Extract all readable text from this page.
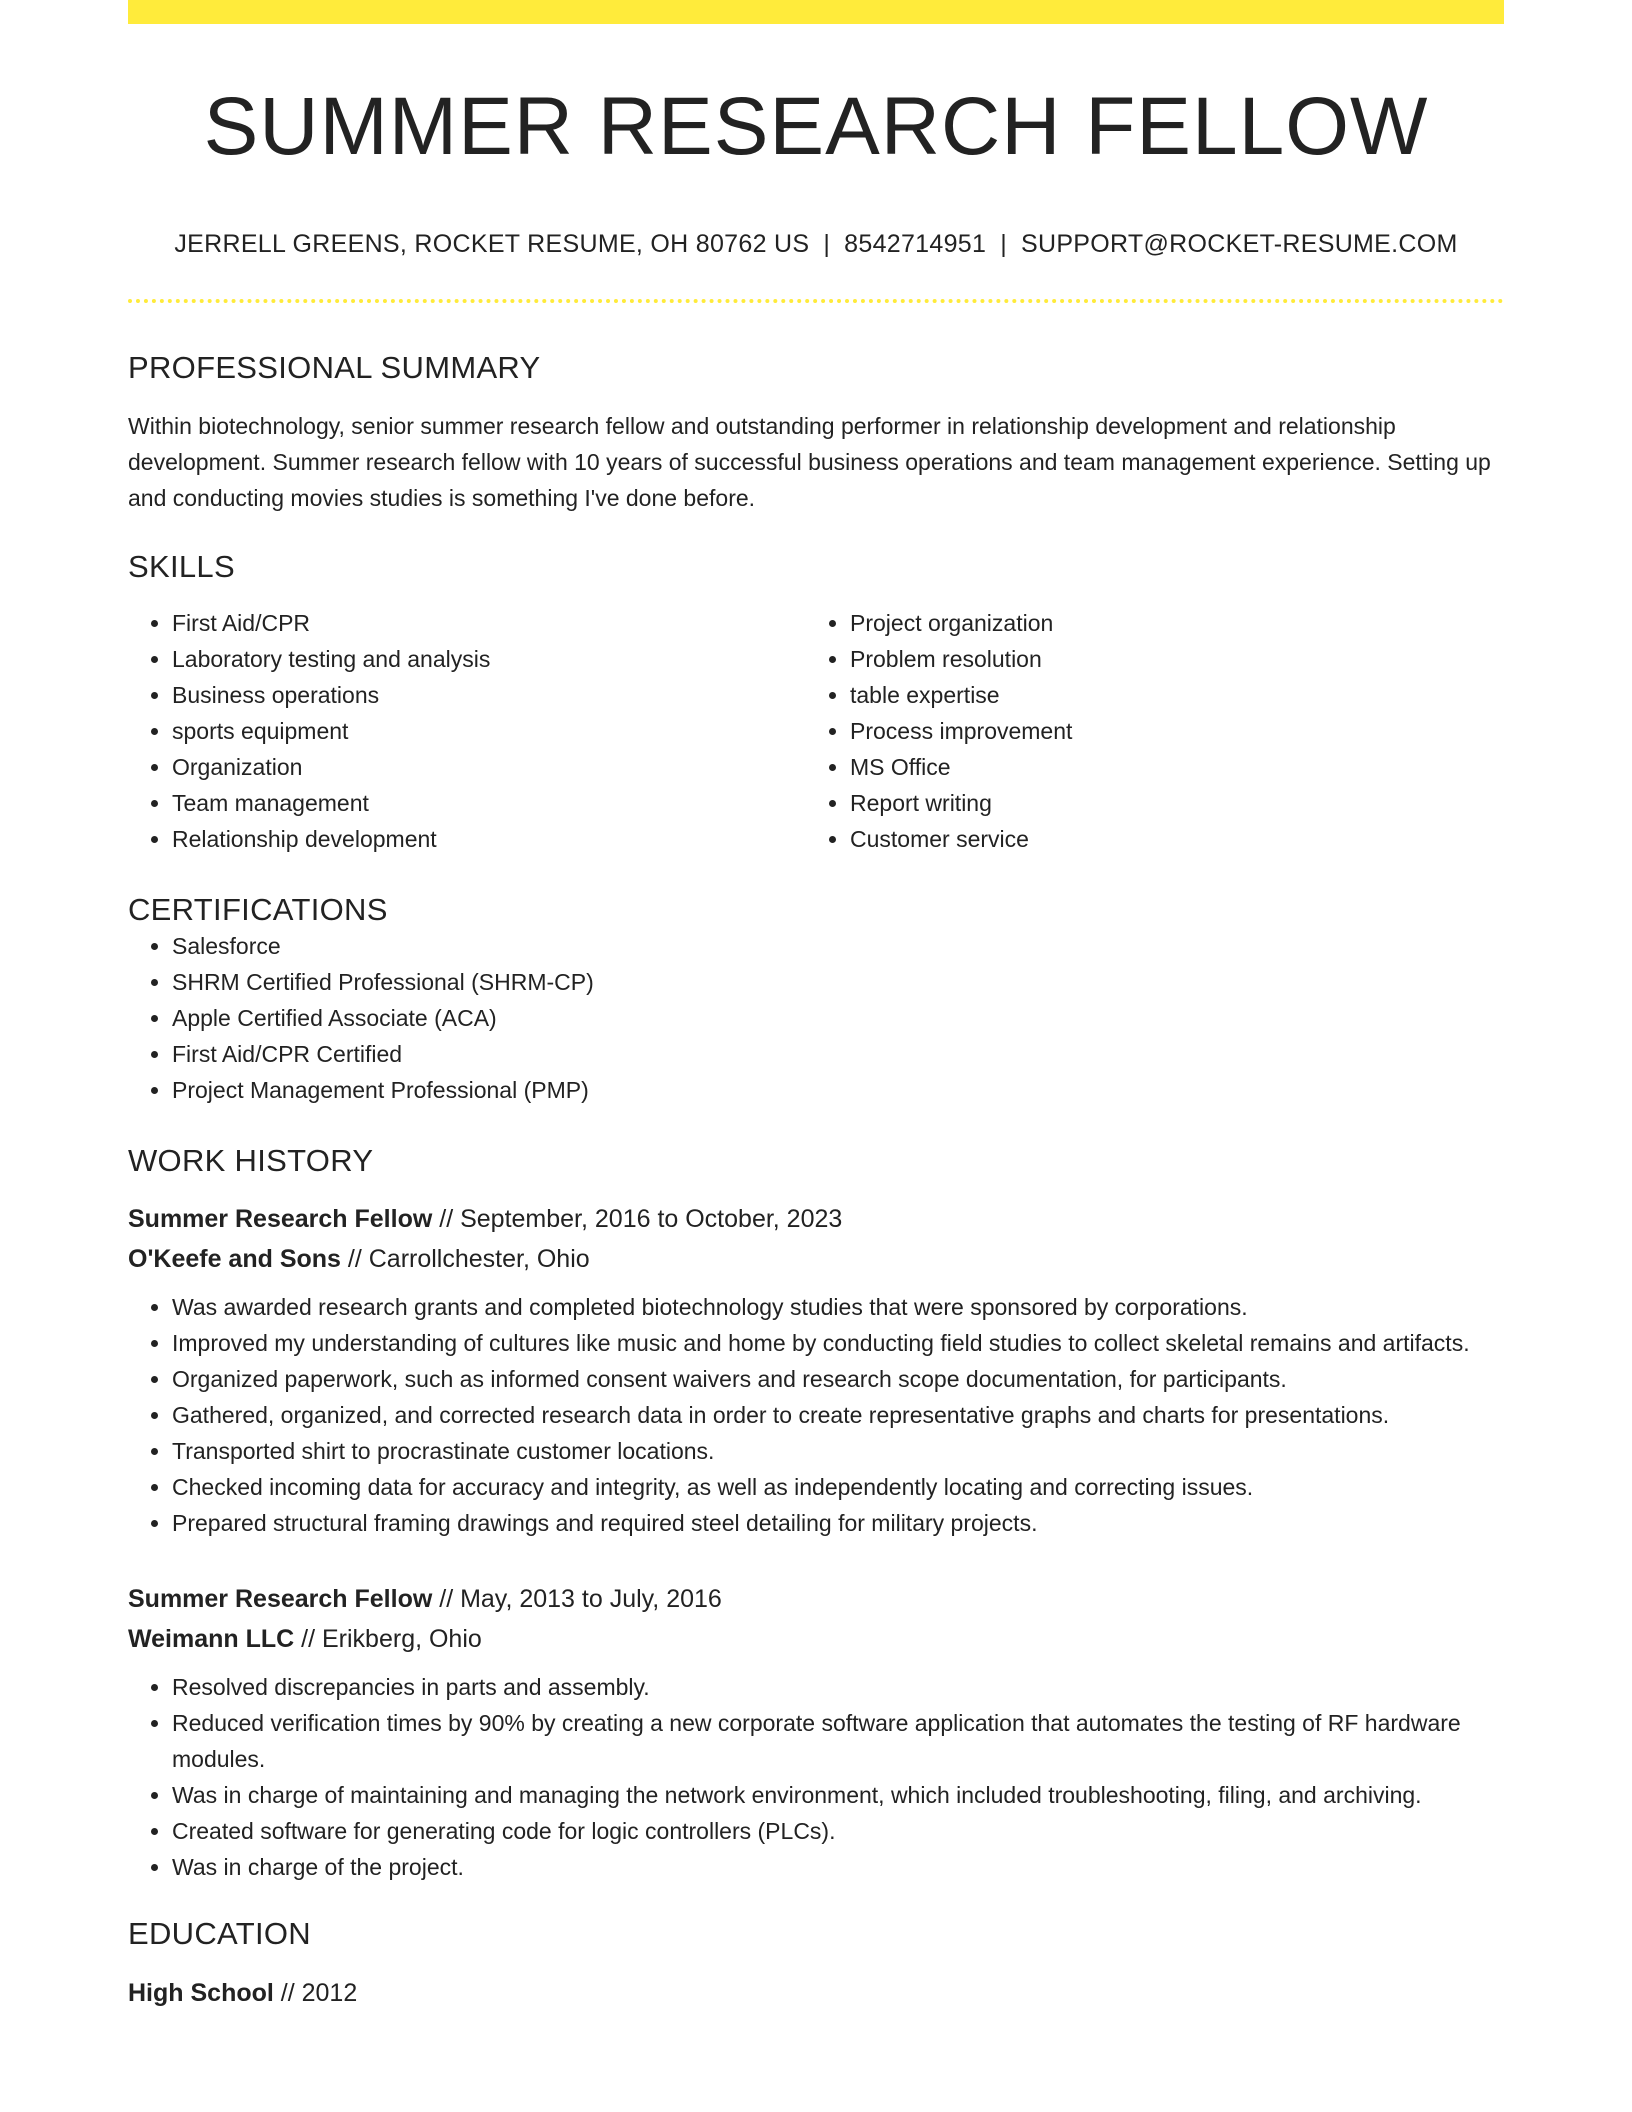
SUMMER RESEARCH FELLOW
JERRELL GREENS, ROCKET RESUME, OH 80762 US | 8542714951 | SUPPORT@ROCKET-RESUME.COM
PROFESSIONAL SUMMARY

Within biotechnology, senior summer research fellow and outstanding performer in relationship development and relationship development. Summer research fellow with 10 years of successful business operations and team management experience. Setting up and conducting movies studies is something I've done before.

SKILLS
• First Aid/CPR
• Laboratory testing and analysis
• Business operations
• sports equipment
• Organization
• Team management
• Relationship development
• Project organization
• Problem resolution
• table expertise
• Process improvement
• MS Office
• Report writing
• Customer service
CERTIFICATIONS
• Salesforce
• SHRM Certified Professional (SHRM-CP)
• Apple Certified Associate (ACA)
• First Aid/CPR Certified
• Project Management Professional (PMP)
WORK HISTORY
Summer Research Fellow // September, 2016 to October, 2023
O'Keefe and Sons // Carrollchester, Ohio
• Was awarded research grants and completed biotechnology studies that were sponsored by corporations.
• Improved my understanding of cultures like music and home by conducting field studies to collect skeletal remains and artifacts.
• Organized paperwork, such as informed consent waivers and research scope documentation, for participants.
• Gathered, organized, and corrected research data in order to create representative graphs and charts for presentations.
• Transported shirt to procrastinate customer locations.
• Checked incoming data for accuracy and integrity, as well as independently locating and correcting issues.
• Prepared structural framing drawings and required steel detailing for military projects.
Summer Research Fellow // May, 2013 to July, 2016
Weimann LLC // Erikberg, Ohio
• Resolved discrepancies in parts and assembly.
• Reduced verification times by 90% by creating a new corporate software application that automates the testing of RF hardware modules.
• Was in charge of maintaining and managing the network environment, which included troubleshooting, filing, and archiving.
• Created software for generating code for logic controllers (PLCs).
• Was in charge of the project.
EDUCATION
High School // 2012
